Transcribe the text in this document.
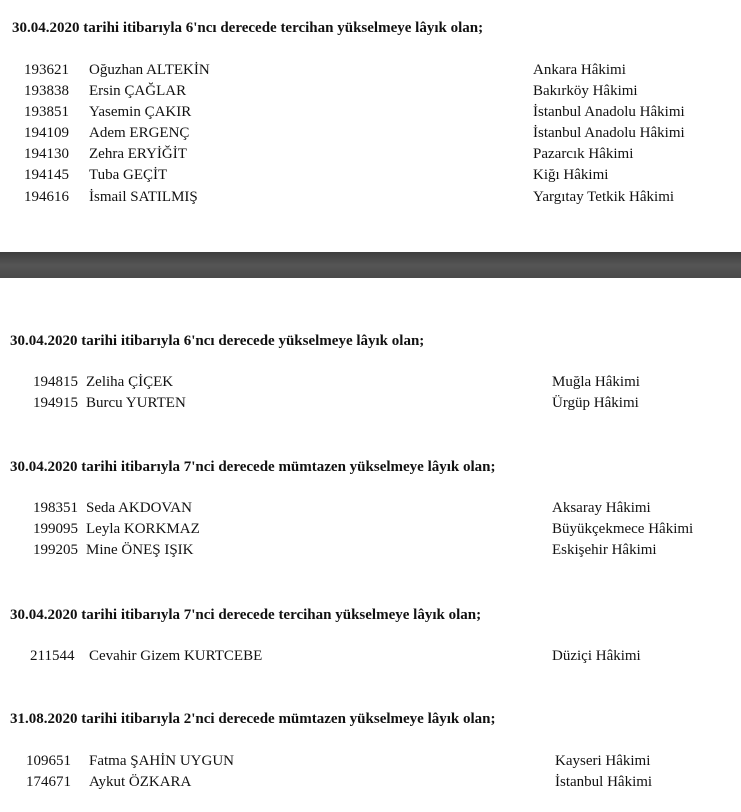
30.04.2020 tarihi itibarıyla 6'ncı derecede tercihan yükselmeye lâyık olan;
193621 Oğuzhan ALTEKİN	Ankara Hâkimi
193838 Ersin ÇAĞLAR	Bakırköy Hâkimi
193851 Yasemin ÇAKIR	İstanbul Anadolu Hâkimi
194109 Adem ERGENÇ	İstanbul Anadolu Hâkimi
194130 Zehra ERYİĞİT	Pazarcık Hâkimi
194145 Tuba GEÇİT	Kiğı Hâkimi
194616 İsmail SATILMIŞ	Yargıtay Tetkik Hâkimi
30.04.2020 tarihi itibarıyla 6'ncı derecede yükselmeye lâyık olan;
194815 Zeliha ÇİÇEK	Muğla Hâkimi
194915 Burcu YURTEN	Ürgüp Hâkimi
30.04.2020 tarihi itibarıyla 7'nci derecede mümtazen yükselmeye lâyık olan;
198351 Seda AKDOVAN	Aksaray Hâkimi
199095 Leyla KORKMAZ	Büyükçekmece Hâkimi
199205 Mine ÖNEŞ IŞIK	Eskişehir Hâkimi
30.04.2020 tarihi itibarıyla 7'nci derecede tercihan yükselmeye lâyık olan;
211544 Cevahir Gizem KURTCEBE	Düziçi Hâkimi
31.08.2020 tarihi itibarıyla 2'nci derecede mümtazen yükselmeye lâyık olan;
109651 Fatma ŞAHİN UYGUN	Kayseri Hâkimi
174671 Aykut ÖZKARA	İstanbul Hâkimi
